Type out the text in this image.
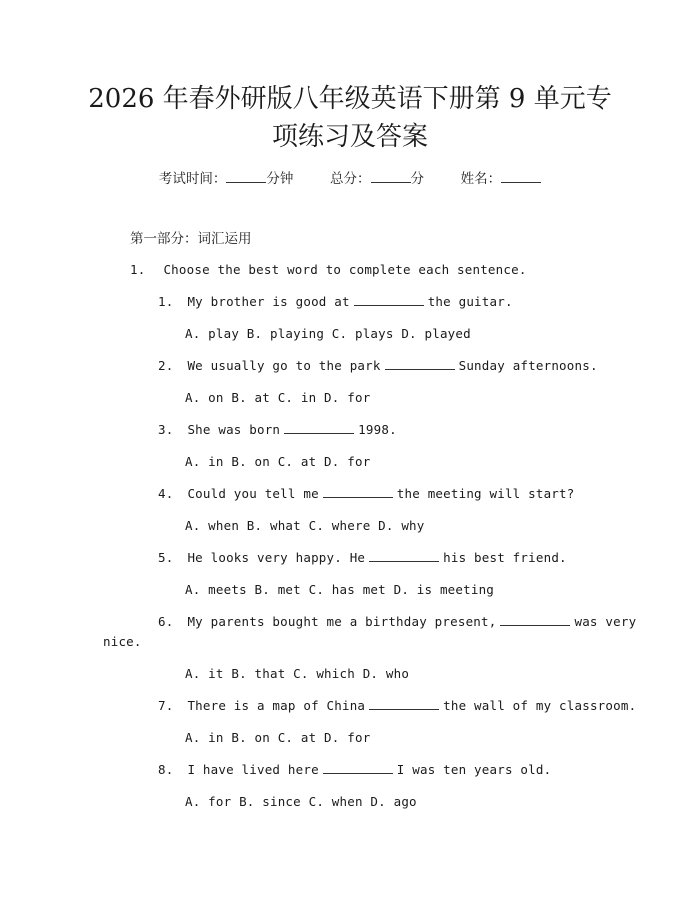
2026 年春外研版八年级英语下册第 9 单元专
项练习及答案
考试时间：	分钟	总分：	分	姓名：
第一部分：词汇运用
1. Choose the best word to complete each sentence.
1. My brother is good at	the guitar.
A. play B. playing C. plays D. played
2. We usually go to the park	Sunday afternoons.
A. on B. at C. in D. for
3. She was born	1998.
A. in B. on C. at D. for
4. Could you tell me	the meeting will start?
A. when B. what C. where D. why
5. He looks very happy. He	his best friend.
A. meets B. met C. has met D. is meeting
6. My parents bought me a birthday present,	was very
nice.
A. it B. that C. which D. who
7. There is a map of China	the wall of my classroom.
A. in B. on C. at D. for
8. I have lived here	I was ten years old.
A. for B. since C. when D. ago
